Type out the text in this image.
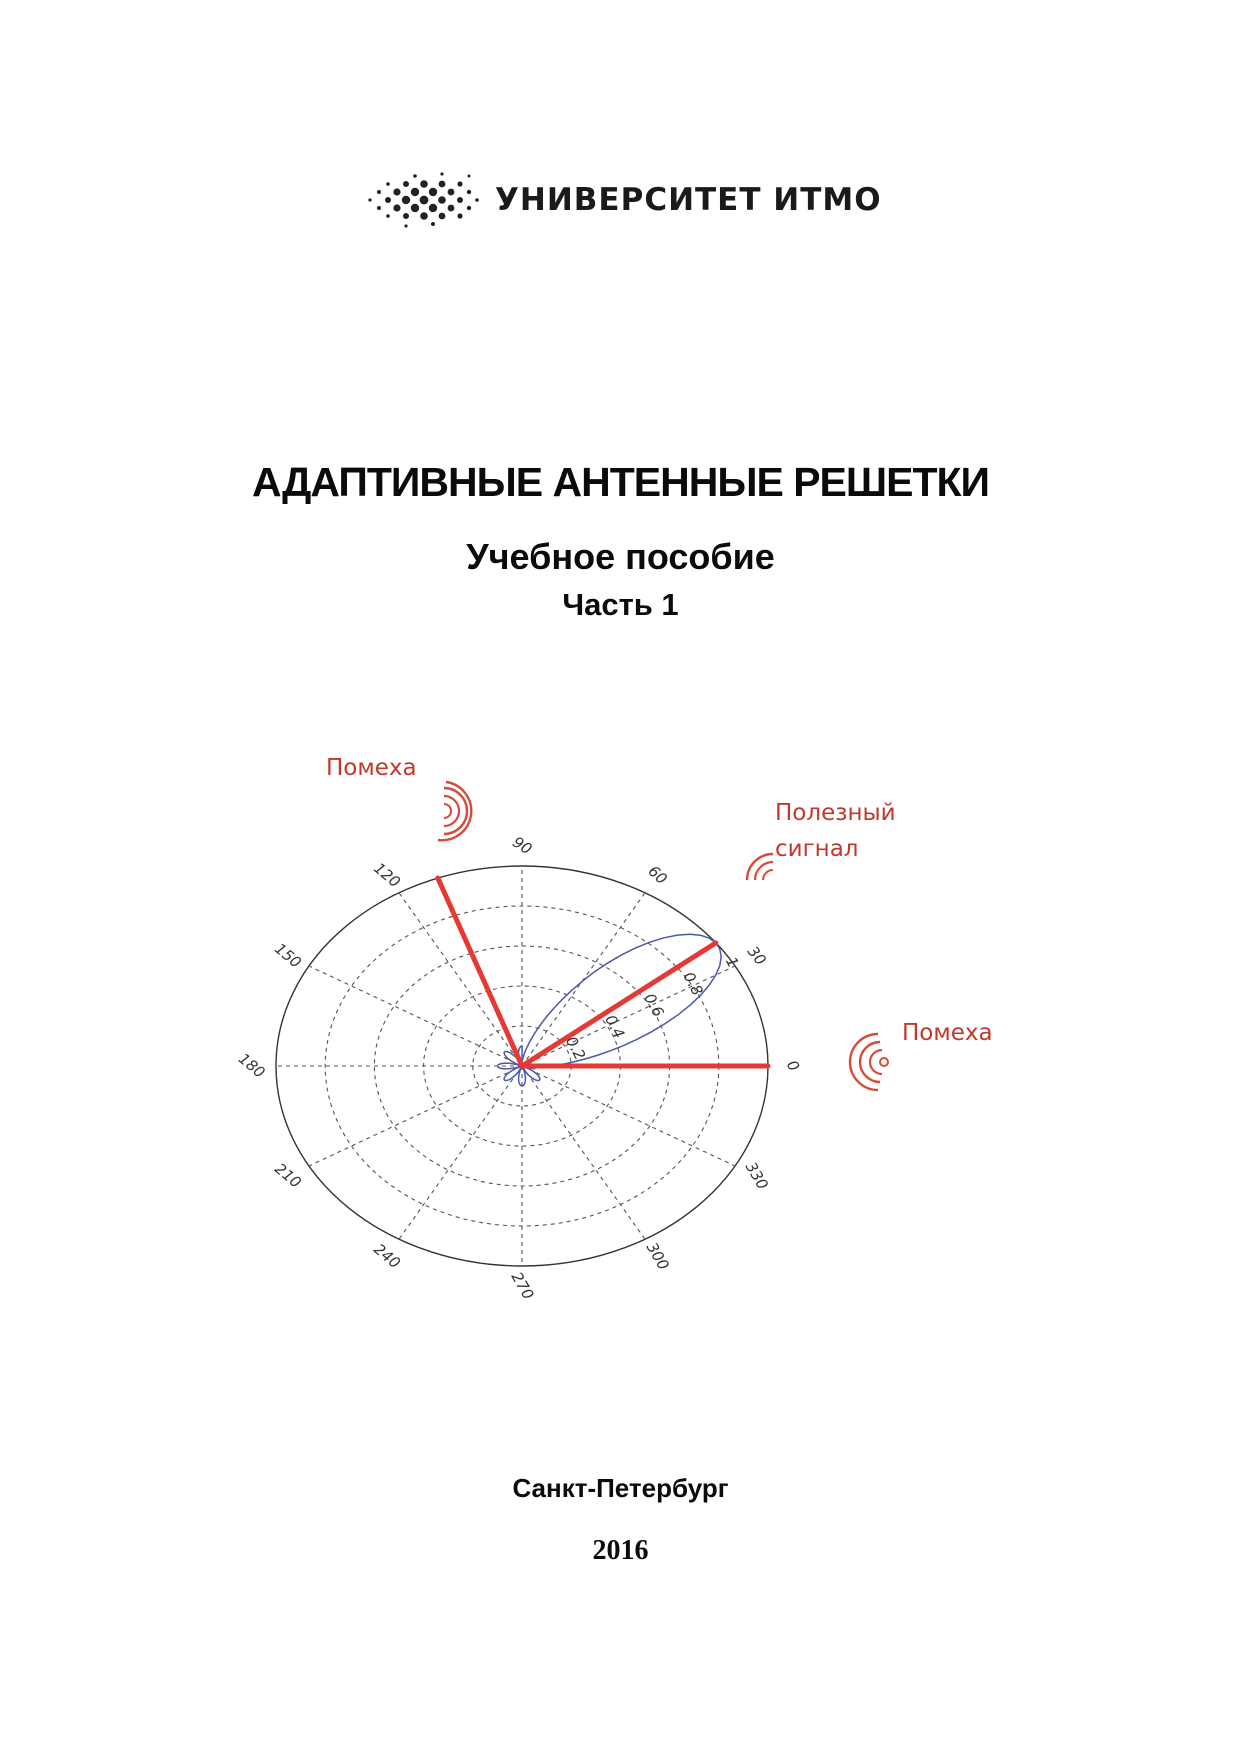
УНИВЕРСИТЕТ ИТМО
АДАПТИВНЫЕ АНТЕННЫЕ РЕШЕТКИ
Учебное пособие
Часть 1
0
30
60
90
120
150
180
210
240
270
300
330
0.2
0.4
0.6
0.8
1
Помеха
Полезный
сигнал
Помеха
Санкт-Петербург
2016
